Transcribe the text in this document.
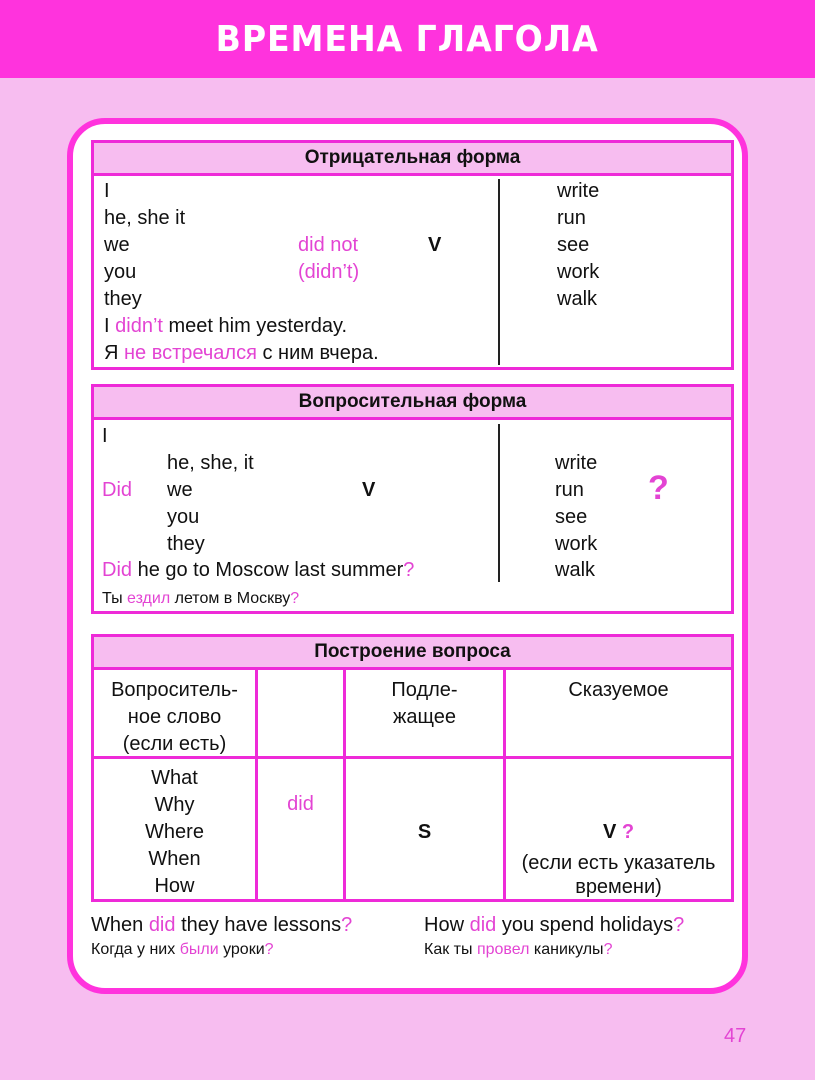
ВРЕМЕНА ГЛАГОЛА
Отрицательная форма
I
he, she it
we
you
they
did not
(didn’t)
V
I didn’t meet him yesterday.
Я не встречался с ним вчера.
write
run
see
work
walk
Вопросительная форма
I
he, she, it
Did we
you
they
V
Did he go to Moscow last summer?
Ты ездил летом в Москву?
write
run
see
work
walk
?
Построение вопроса
Вопроситель-
ное слово
(если есть)
Подле-
жащее
Сказуемое
What
Why
Where
When
How
did
S	V ?
(если есть указатель
времени)
When did they have lessons?
Когда у них были уроки?
How did you spend holidays?
Как ты провел каникулы?
47
